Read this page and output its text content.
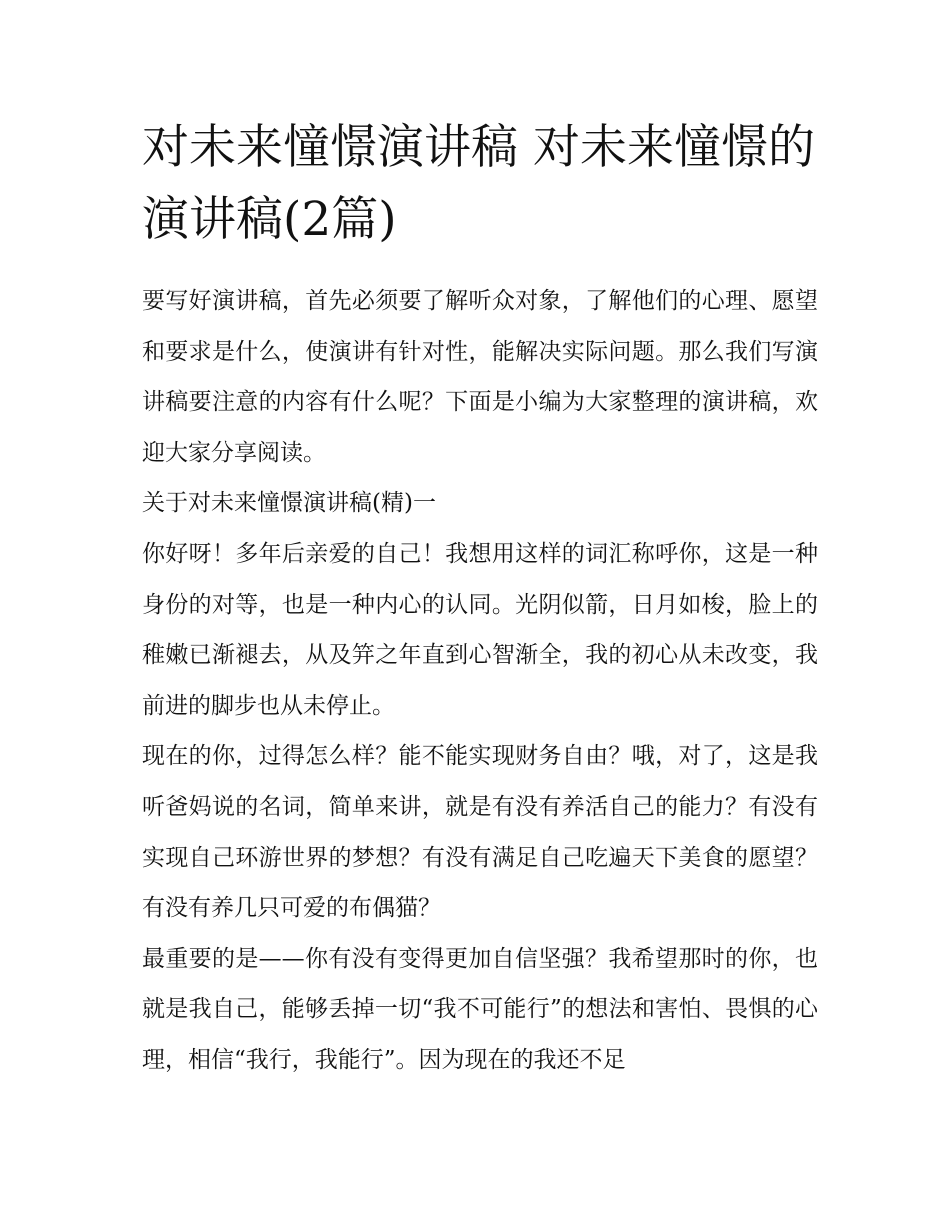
对未来憧憬演讲稿 对未来憧憬的演讲稿(2篇)

要写好演讲稿，首先必须要了解听众对象，了解他们的心理、愿望和要求是什么，使演讲有针对性，能解决实际问题。那么我们写演讲稿要注意的内容有什么呢？下面是小编为大家整理的演讲稿，欢迎大家分享阅读。

关于对未来憧憬演讲稿(精)一

你好呀！多年后亲爱的自己！我想用这样的词汇称呼你，这是一种身份的对等，也是一种内心的认同。光阴似箭，日月如梭，脸上的稚嫩已渐褪去，从及笄之年直到心智渐全，我的初心从未改变，我前进的脚步也从未停止。

现在的你，过得怎么样？能不能实现财务自由？哦，对了，这是我听爸妈说的名词，简单来讲，就是有没有养活自己的能力？有没有实现自己环游世界的梦想？有没有满足自己吃遍天下美食的愿望？有没有养几只可爱的布偶猫？

最重要的是——你有没有变得更加自信坚强？我希望那时的你，也就是我自己，能够丢掉一切“我不可能行”的想法和害怕、畏惧的心理，相信“我行，我能行”。因为现在的我还不足
